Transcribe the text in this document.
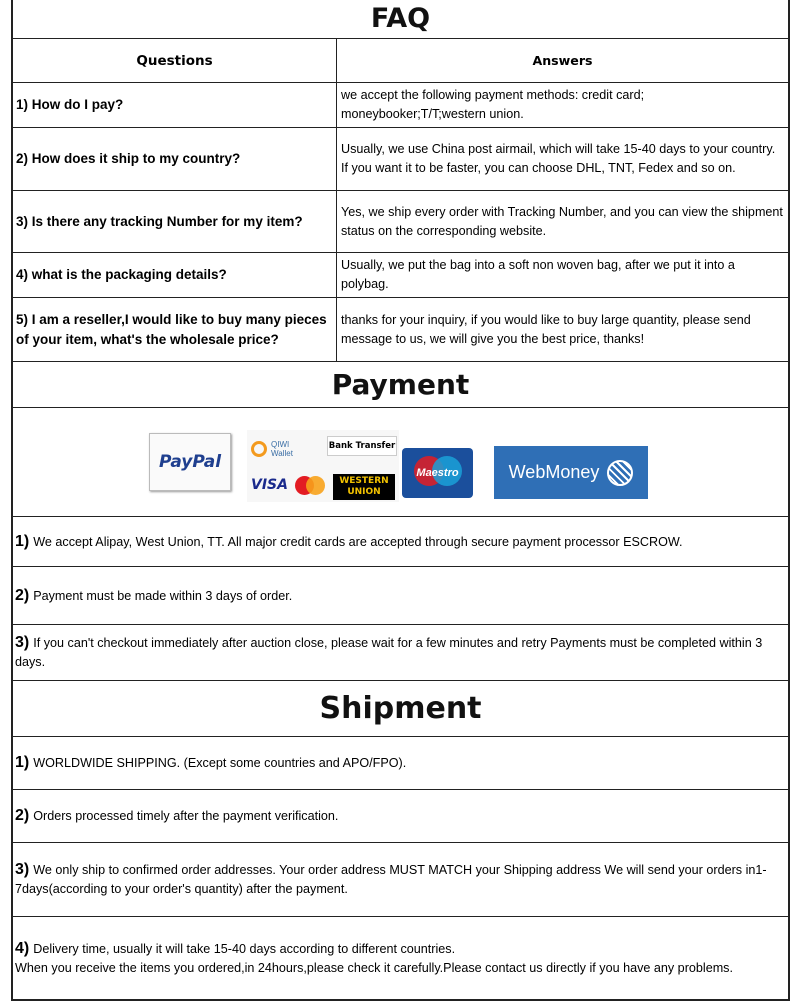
FAQ
Questions	Answers
1) How do I pay?
we accept the following payment methods: credit card; moneybooker;T/T;western union.
2) How does it ship to my country?
Usually, we use China post airmail, which will take 15-40 days to your country. If you want it to be faster, you can choose DHL, TNT, Fedex and so on.
3) Is there any tracking Number for my item?
Yes, we ship every order with Tracking Number, and you can view the shipment status on the corresponding website.
4) what is the packaging details?
Usually, we put the bag into a soft non woven bag, after we put it into a polybag.
5) I am a reseller,I would like to buy many pieces of your item, what's the wholesale price?
thanks for your inquiry, if you would like to buy large quantity, please send message to us, we will give you the best price, thanks!
Payment
PayPal
QIWI
Wallet
Bank Transfer
VISA	WESTERN
UNION
Maestro	WebMoney
1) We accept Alipay, West Union, TT. All major credit cards are accepted through secure payment processor ESCROW.
2) Payment must be made within 3 days of order.
3) If you can't checkout immediately after auction close, please wait for a few minutes and retry Payments must be completed within 3 days.
Shipment
1) WORLDWIDE SHIPPING. (Except some countries and APO/FPO).
2) Orders processed timely after the payment verification.
3) We only ship to confirmed order addresses. Your order address MUST MATCH your Shipping address We will send your orders in1-7days(according to your order's quantity) after the payment.
4) Delivery time, usually it will take 15-40 days according to different countries.
When you receive the items you ordered,in 24hours,please check it carefully.Please contact us directly if you have any problems.
